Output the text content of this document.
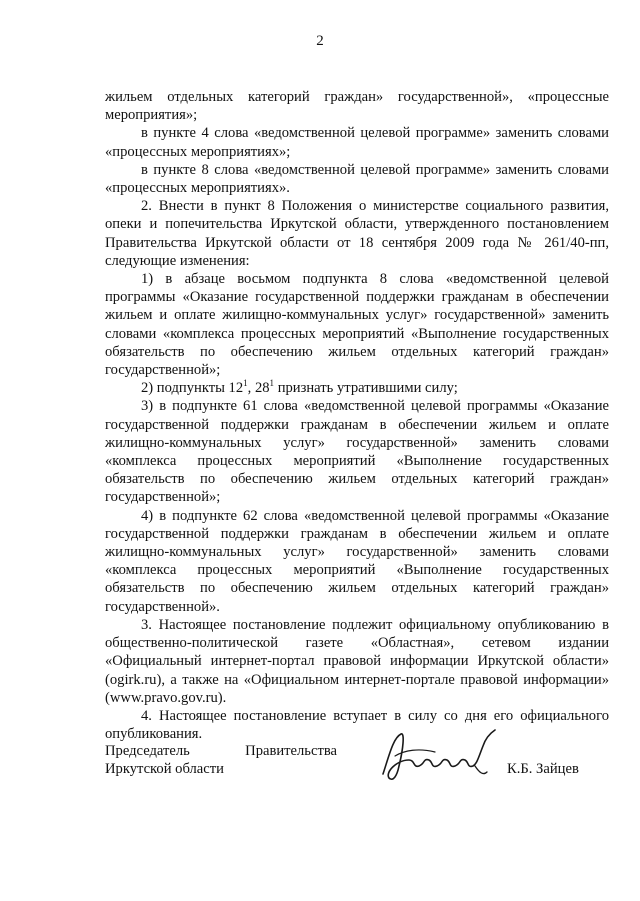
2

жильем отдельных категорий граждан» государственной», «процессные мероприятия»;

в пункте 4 слова «ведомственной целевой программе» заменить словами «процессных мероприятиях»;

в пункте 8 слова «ведомственной целевой программе» заменить словами «процессных мероприятиях».

2. Внести в пункт 8 Положения о министерстве социального развития, опеки и попечительства Иркутской области, утвержденного постановлением Правительства Иркутской области от 18 сентября 2009 года № 261/40-пп, следующие изменения:

1) в абзаце восьмом подпункта 8 слова «ведомственной целевой программы «Оказание государственной поддержки гражданам в обеспечении жильем и оплате жилищно-коммунальных услуг» государственной» заменить словами «комплекса процессных мероприятий «Выполнение государственных обязательств по обеспечению жильем отдельных категорий граждан» государственной»;

2) подпункты $12^1$, $28^1$ признать утратившими силу;

3) в подпункте 61 слова «ведомственной целевой программы «Оказание государственной поддержки гражданам в обеспечении жильем и оплате жилищно-коммунальных услуг» государственной» заменить словами «комплекса процессных мероприятий «Выполнение государственных обязательств по обеспечению жильем отдельных категорий граждан» государственной»;

4) в подпункте 62 слова «ведомственной целевой программы «Оказание государственной поддержки гражданам в обеспечении жильем и оплате жилищно-коммунальных услуг» государственной» заменить словами «комплекса процессных мероприятий «Выполнение государственных обязательств по обеспечению жильем отдельных категорий граждан» государственной».

3. Настоящее постановление подлежит официальному опубликованию в общественно-политической газете «Областная», сетевом издании «Официальный интернет-портал правовой информации Иркутской области» (ogirk.ru), а также на «Официальном интернет-портале правовой информации» (www.pravo.gov.ru).

4. Настоящее постановление вступает в силу со дня его официального опубликования.

Председатель	Правительства
Иркутской области	К.Б. Зайцев
